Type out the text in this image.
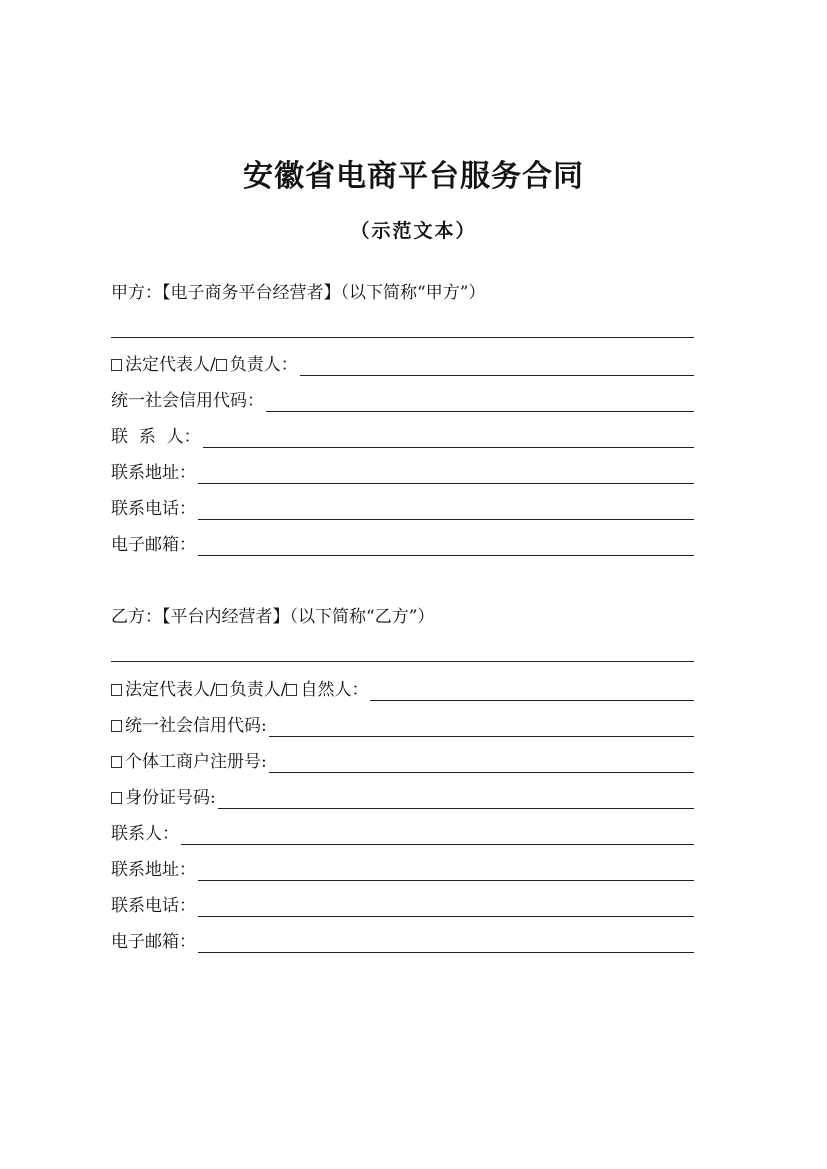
安徽省电商平台服务合同
（示范文本）
甲方：【电子商务平台经营者】（以下简称“甲方”）
法定代表人/ 负责人：
统一社会信用代码：
联  系  人：
联系地址：
联系电话：
电子邮箱：
乙方：【平台内经营者】（以下简称“乙方”）
法定代表人/ 负责人/ 自然人：
统一社会信用代码:
个体工商户注册号:
身份证号码:
联系人：
联系地址：
联系电话：
电子邮箱：
